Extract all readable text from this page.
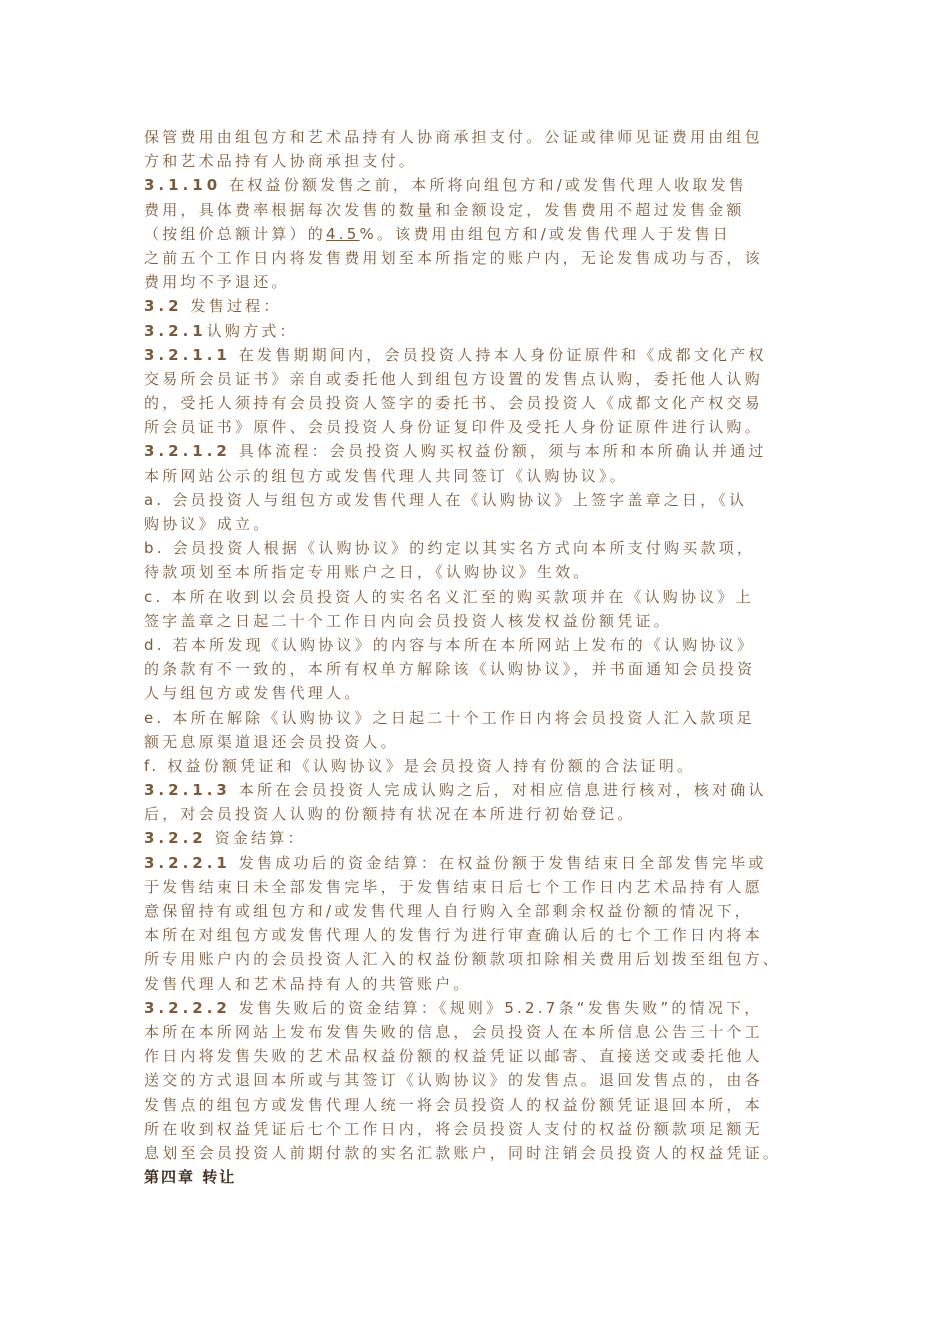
保管费用由组包方和艺术品持有人协商承担支付。公证或律师见证费用由组包
方和艺术品持有人协商承担支付。
3.1.10 在权益份额发售之前，本所将向组包方和/或发售代理人收取发售
费用，具体费率根据每次发售的数量和金额设定，发售费用不超过发售金额
（按组价总额计算）的4.5%。该费用由组包方和/或发售代理人于发售日
之前五个工作日内将发售费用划至本所指定的账户内，无论发售成功与否，该
费用均不予退还。
3.2 发售过程：
3.2.1认购方式：
3.2.1.1 在发售期期间内，会员投资人持本人身份证原件和《成都文化产权
交易所会员证书》亲自或委托他人到组包方设置的发售点认购，委托他人认购
的，受托人须持有会员投资人签字的委托书、会员投资人《成都文化产权交易
所会员证书》原件、会员投资人身份证复印件及受托人身份证原件进行认购。
3.2.1.2 具体流程：会员投资人购买权益份额，须与本所和本所确认并通过
本所网站公示的组包方或发售代理人共同签订《认购协议》。
a. 会员投资人与组包方或发售代理人在《认购协议》上签字盖章之日，《认
购协议》成立。
b. 会员投资人根据《认购协议》的约定以其实名方式向本所支付购买款项，
待款项划至本所指定专用账户之日，《认购协议》生效。
c. 本所在收到以会员投资人的实名名义汇至的购买款项并在《认购协议》上
签字盖章之日起二十个工作日内向会员投资人核发权益份额凭证。
d. 若本所发现《认购协议》的内容与本所在本所网站上发布的《认购协议》
的条款有不一致的，本所有权单方解除该《认购协议》，并书面通知会员投资
人与组包方或发售代理人。
e. 本所在解除《认购协议》之日起二十个工作日内将会员投资人汇入款项足
额无息原渠道退还会员投资人。
f. 权益份额凭证和《认购协议》是会员投资人持有份额的合法证明。
3.2.1.3 本所在会员投资人完成认购之后，对相应信息进行核对，核对确认
后，对会员投资人认购的份额持有状况在本所进行初始登记。
3.2.2 资金结算：
3.2.2.1 发售成功后的资金结算：在权益份额于发售结束日全部发售完毕或
于发售结束日未全部发售完毕，于发售结束日后七个工作日内艺术品持有人愿
意保留持有或组包方和/或发售代理人自行购入全部剩余权益份额的情况下，
本所在对组包方或发售代理人的发售行为进行审查确认后的七个工作日内将本
所专用账户内的会员投资人汇入的权益份额款项扣除相关费用后划拨至组包方、
发售代理人和艺术品持有人的共管账户。
3.2.2.2 发售失败后的资金结算：《规则》5.2.7条“发售失败”的情况下，
本所在本所网站上发布发售失败的信息，会员投资人在本所信息公告三十个工
作日内将发售失败的艺术品权益份额的权益凭证以邮寄、直接送交或委托他人
送交的方式退回本所或与其签订《认购协议》的发售点。退回发售点的，由各
发售点的组包方或发售代理人统一将会员投资人的权益份额凭证退回本所，本
所在收到权益凭证后七个工作日内，将会员投资人支付的权益份额款项足额无
息划至会员投资人前期付款的实名汇款账户，同时注销会员投资人的权益凭证。
第四章 转让
